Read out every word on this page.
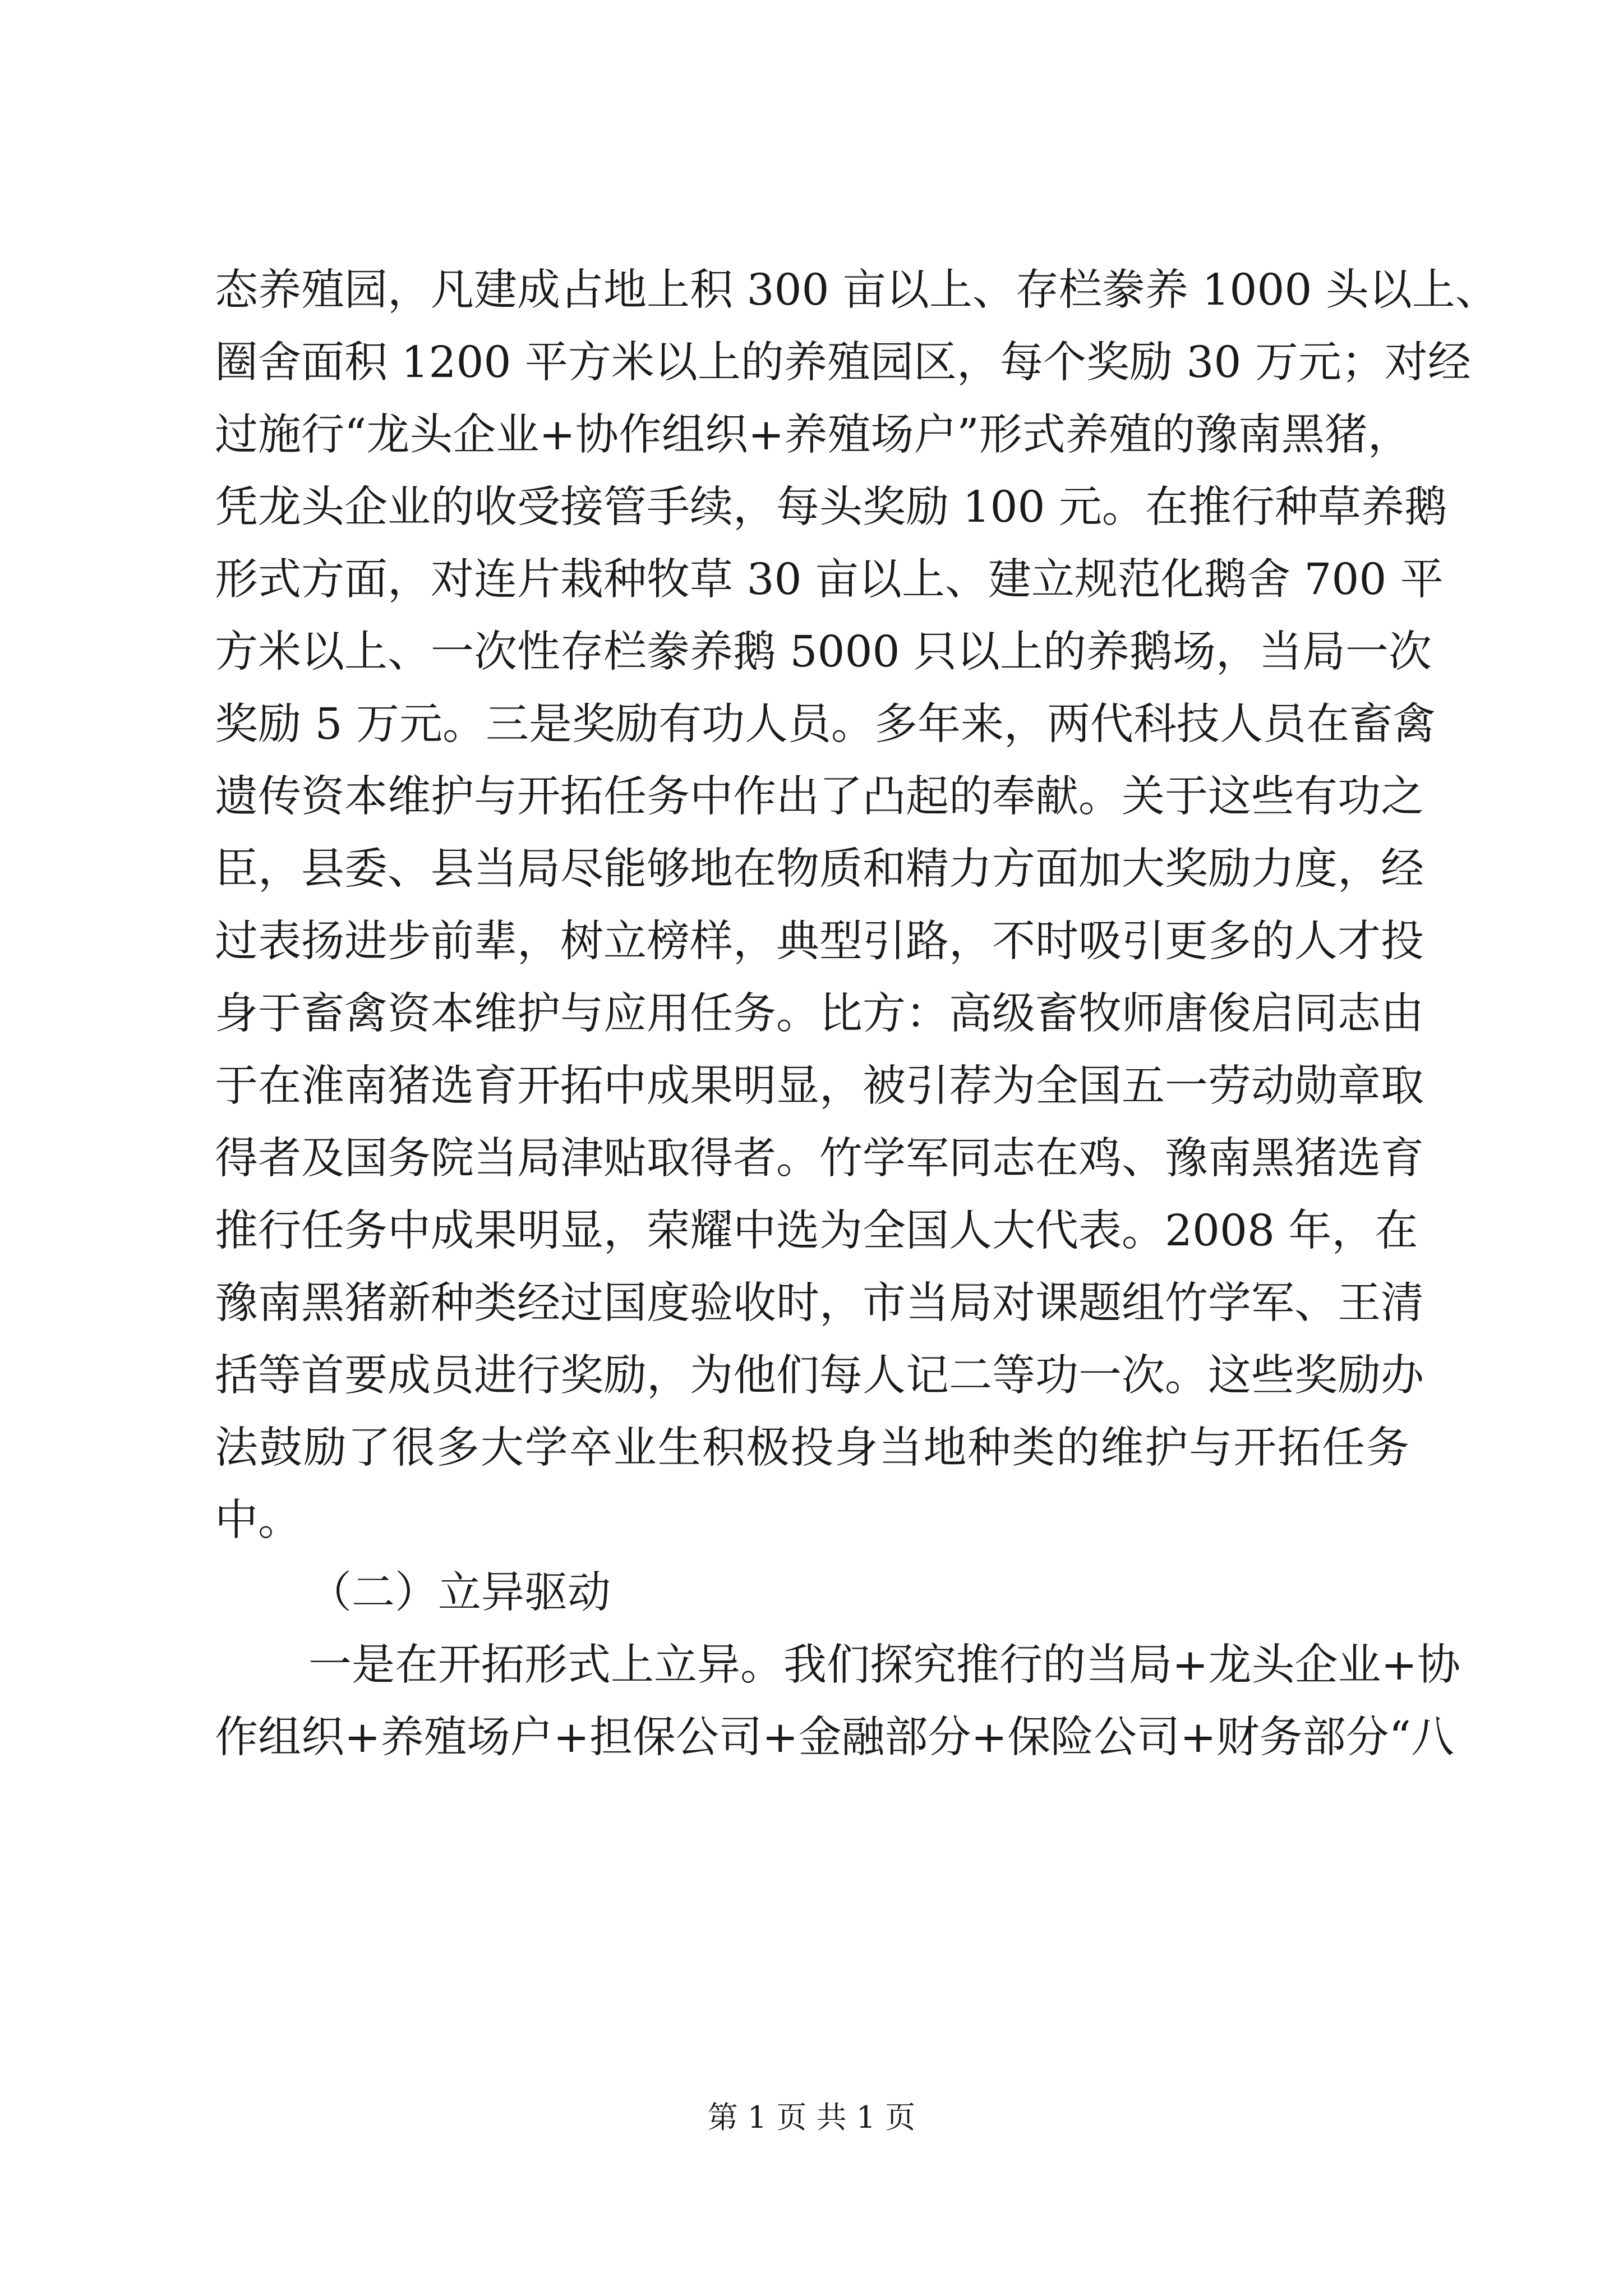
态养殖园，凡建成占地上积 300 亩以上、存栏豢养 1000 头以上、
圈舍面积 1200 平方米以上的养殖园区，每个奖励 30 万元；对经
过施行“龙头企业+协作组织+养殖场户”形式养殖的豫南黑猪，
凭龙头企业的收受接管手续，每头奖励 100 元。在推行种草养鹅
形式方面，对连片栽种牧草 30 亩以上、建立规范化鹅舍 700 平
方米以上、一次性存栏豢养鹅 5000 只以上的养鹅场，当局一次
奖励 5 万元。三是奖励有功人员。多年来，两代科技人员在畜禽
遗传资本维护与开拓任务中作出了凸起的奉献。关于这些有功之
臣，县委、县当局尽能够地在物质和精力方面加大奖励力度，经
过表扬进步前辈，树立榜样，典型引路，不时吸引更多的人才投
身于畜禽资本维护与应用任务。比方：高级畜牧师唐俊启同志由
于在淮南猪选育开拓中成果明显，被引荐为全国五一劳动勋章取
得者及国务院当局津贴取得者。竹学军同志在鸡、豫南黑猪选育
推行任务中成果明显，荣耀中选为全国人大代表。2008 年，在
豫南黑猪新种类经过国度验收时，市当局对课题组竹学军、王清
括等首要成员进行奖励，为他们每人记二等功一次。这些奖励办
法鼓励了很多大学卒业生积极投身当地种类的维护与开拓任务
中。
（二）立异驱动
一是在开拓形式上立异。我们探究推行的当局+龙头企业+协
作组织+养殖场户+担保公司+金融部分+保险公司+财务部分“八
第 1 页 共 1 页
